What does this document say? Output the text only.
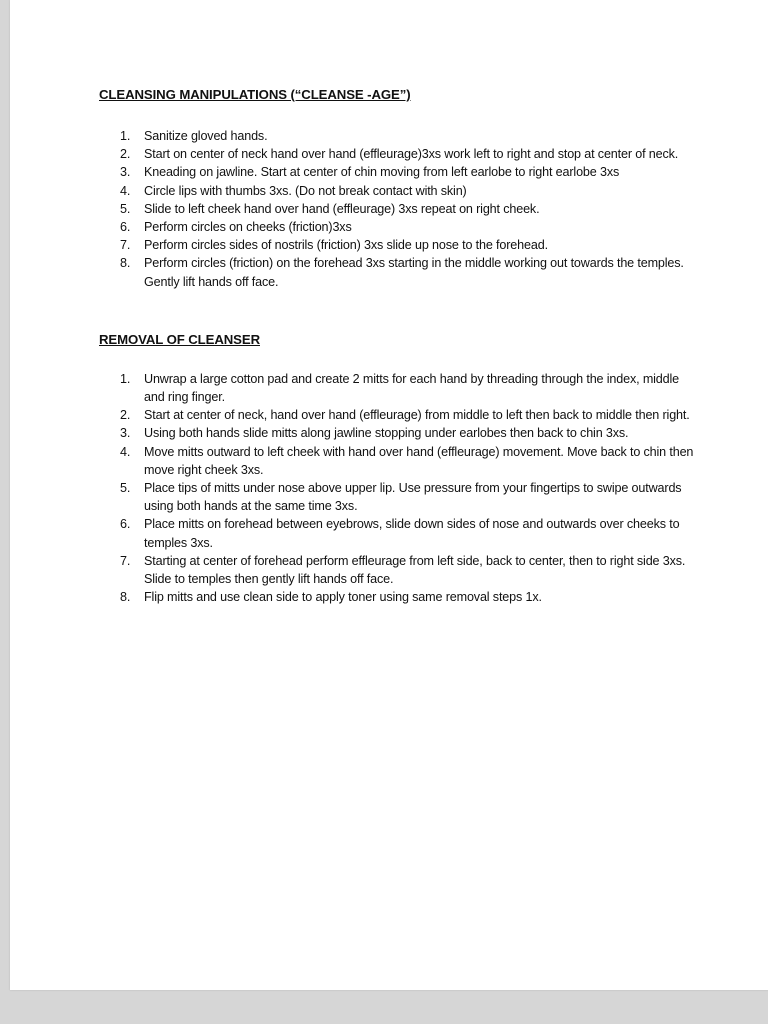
CLEANSING MANIPULATIONS (“CLEANSE -AGE”)
1. Sanitize gloved hands.
2. Start on center of neck hand over hand (effleurage)3xs work left to right and stop at center of neck.
3. Kneading on jawline. Start at center of chin moving from left earlobe to right earlobe 3xs
4. Circle lips with thumbs 3xs. (Do not break contact with skin)
5. Slide to left cheek hand over hand (effleurage) 3xs repeat on right cheek.
6. Perform circles on cheeks (friction)3xs
7. Perform circles sides of nostrils (friction) 3xs slide up nose to the forehead.
8. Perform circles (friction) on the forehead 3xs starting in the middle working out towards the temples. Gently lift hands off face.
REMOVAL OF CLEANSER
1. Unwrap a large cotton pad and create 2 mitts for each hand by threading through the index, middle and ring finger.
2. Start at center of neck, hand over hand (effleurage) from middle to left then back to middle then right.
3. Using both hands slide mitts along jawline stopping under earlobes then back to chin 3xs.
4. Move mitts outward to left cheek with hand over hand (effleurage) movement. Move back to chin then move right cheek 3xs.
5. Place tips of mitts under nose above upper lip. Use pressure from your fingertips to swipe outwards using both hands at the same time 3xs.
6. Place mitts on forehead between eyebrows, slide down sides of nose and outwards over cheeks to temples 3xs.
7. Starting at center of forehead perform effleurage from left side, back to center, then to right side 3xs. Slide to temples then gently lift hands off face.
8. Flip mitts and use clean side to apply toner using same removal steps 1x.
